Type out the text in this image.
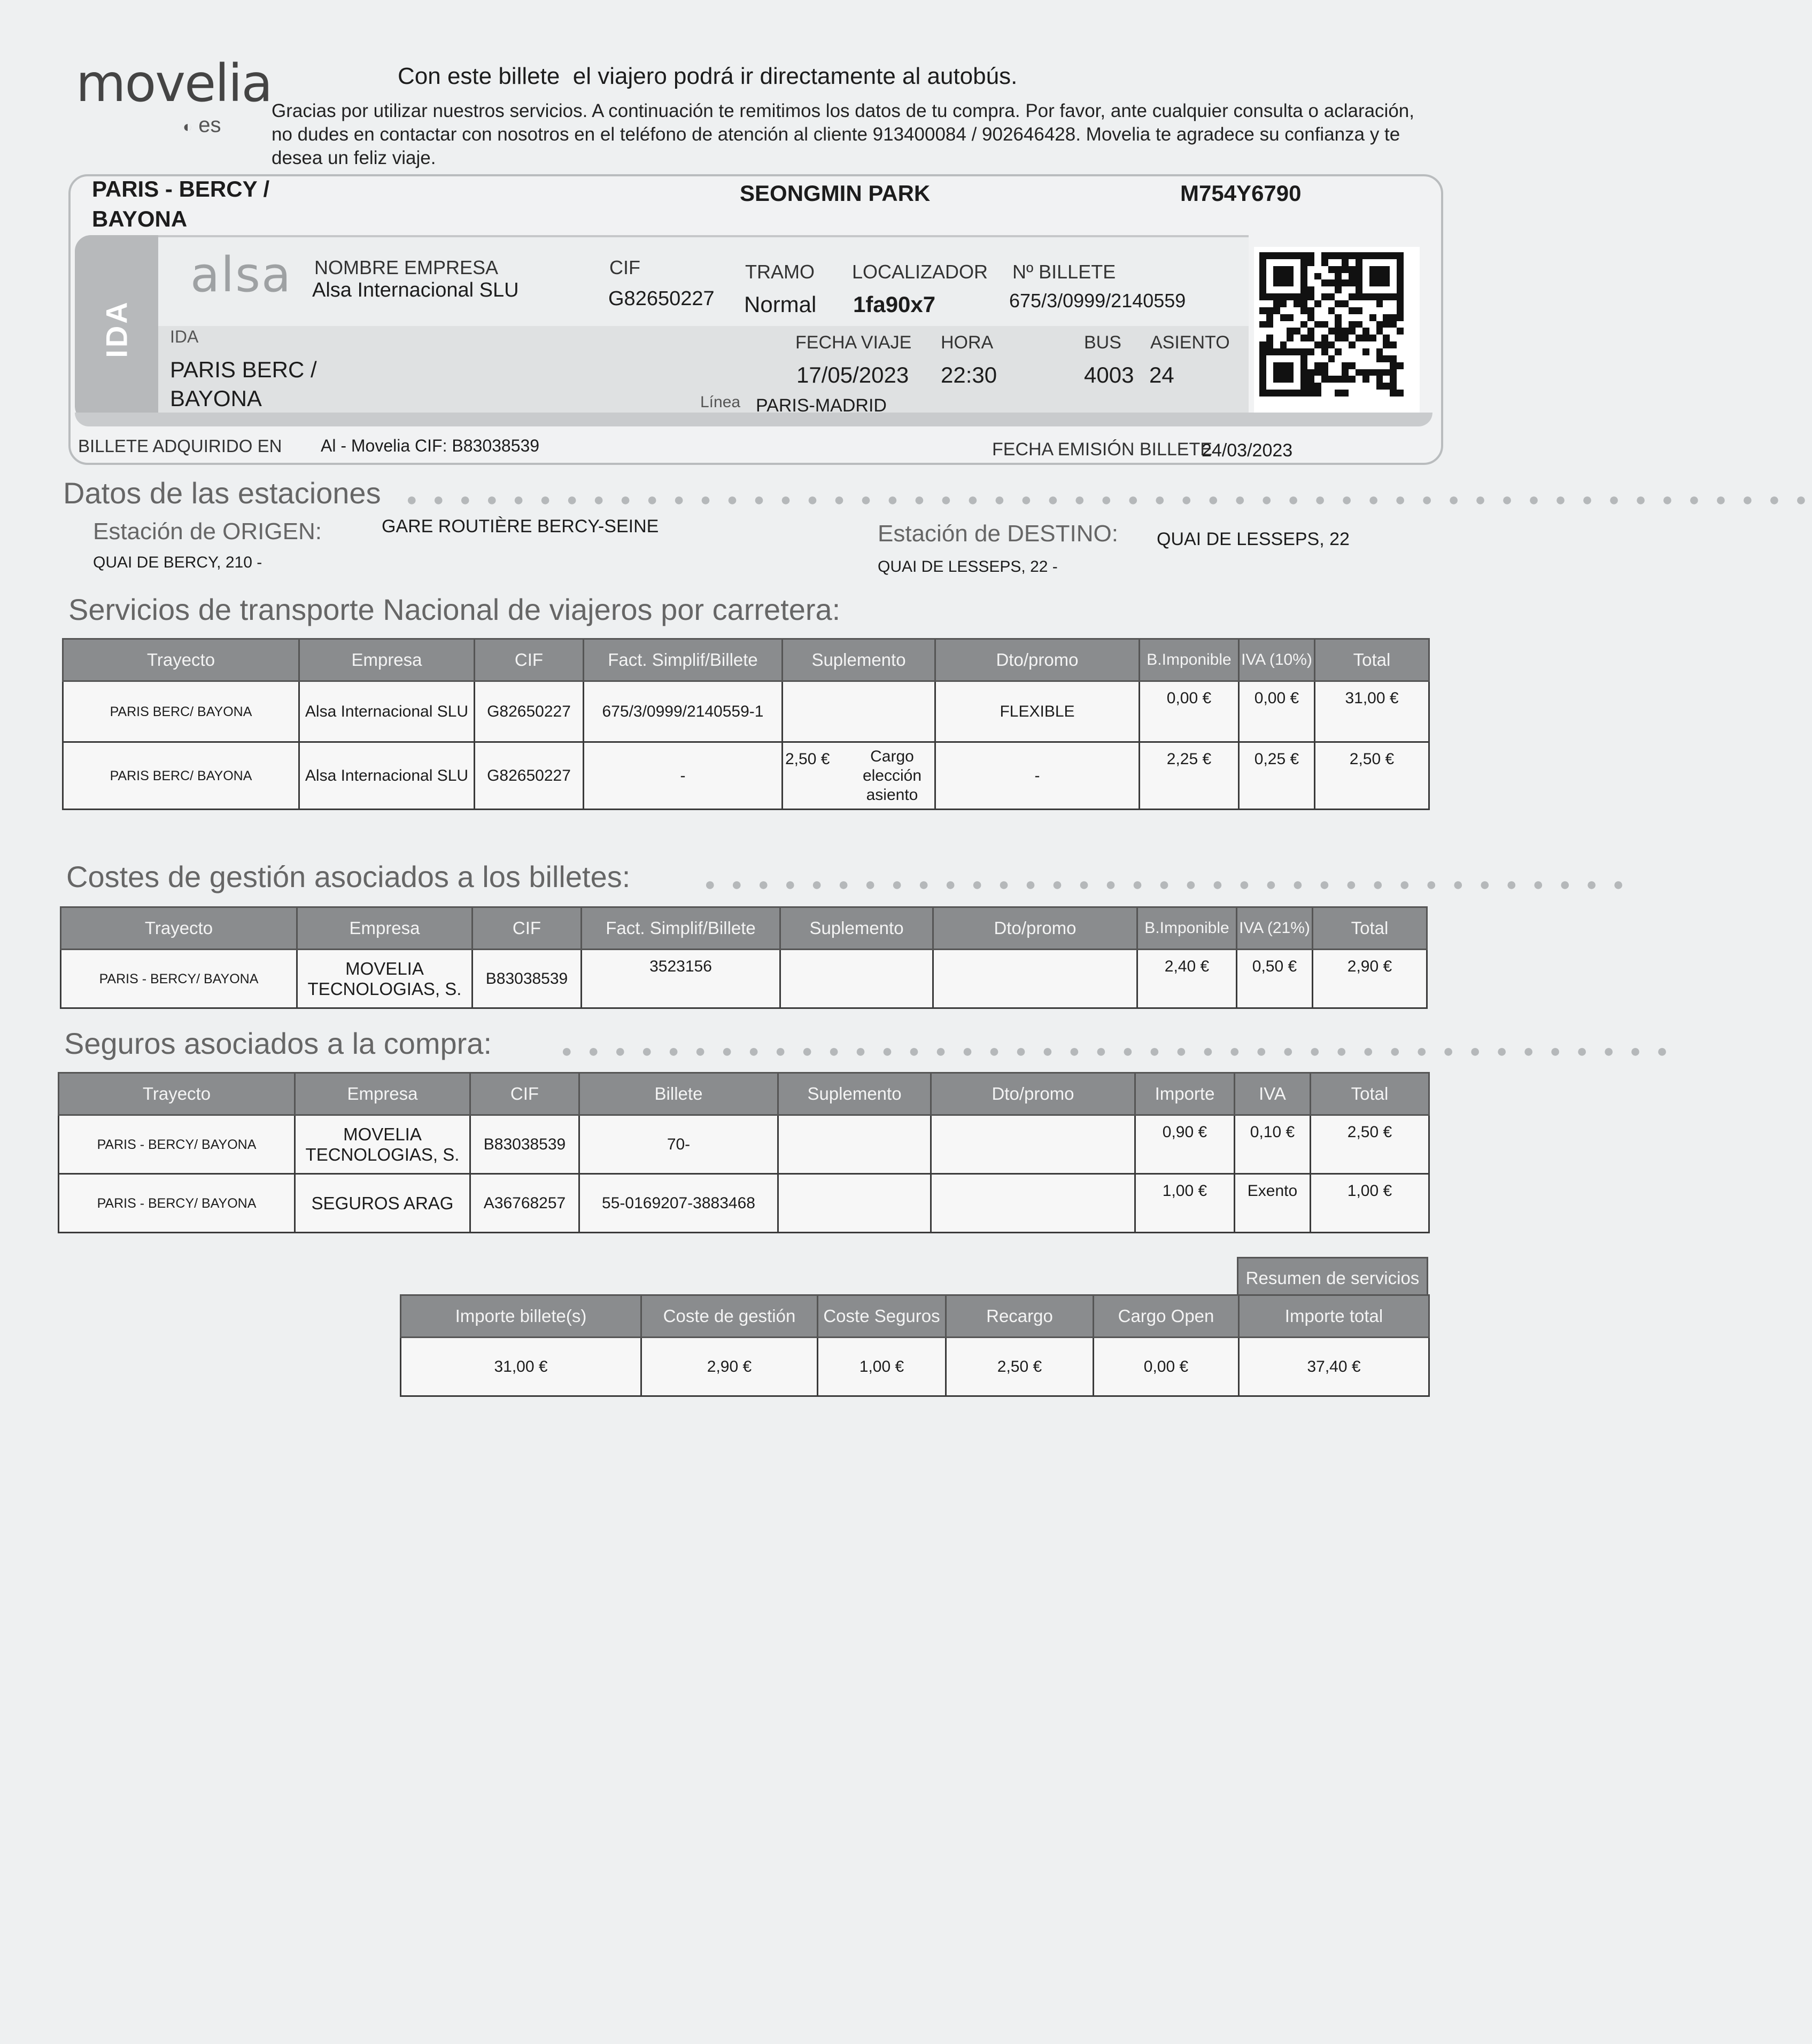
movelia
◐ es
Con este billete  el viajero podrá ir directamente al autobús.
Gracias por utilizar nuestros servicios. A continuación te remitimos los datos de tu compra. Por favor, ante cualquier consulta o aclaración, no dudes en contactar con nosotros en el teléfono de atención al cliente 913400084 / 902646428. Movelia te agradece su confianza y te desea un feliz viaje.
PARIS - BERCY /
BAYONA
SEONGMIN PARK	M754Y6790
IDA
alsa NOMBRE EMPRESA
Alsa Internacional SLU
CIF
G82650227
TRAMO
Normal
LOCALIZADOR
1fa90x7
Nº BILLETE
675/3/0999/2140559
IDA
PARIS BERC /
BAYONA
FECHA VIAJE
17/05/2023
HORA
22:30
BUS
4003
ASIENTO
24
Línea PARIS-MADRID
BILLETE ADQUIRIDO EN Al - Movelia CIF: B83038539	FECHA EMISIÓN BILLETE
24/03/2023
Datos de las estaciones ● ● ● ● ● ● ● ● ● ● ● ● ● ● ● ● ● ● ● ● ● ● ● ● ● ● ● ● ● ● ● ● ● ● ● ● ● ● ● ● ● ● ● ● ● ● ● ● ● ● ● ● ●
Estación de ORIGEN:	GARE ROUTIÈRE BERCY-SEINE
QUAI DE BERCY, 210 -
Estación de DESTINO: QUAI DE LESSEPS, 22
QUAI DE LESSEPS, 22 -
Servicios de transporte Nacional de viajeros por carretera:
Trayecto	Empresa	CIF	Fact. Simplif/Billete	Suplemento	Dto/promo	B.Imponible	IVA (10%)	Total
PARIS BERC/ BAYONA	Alsa Internacional SLU	G82650227	675/3/0999/2140559-1		FLEXIBLE	0,00 €	0,00 €	31,00 €
PARIS BERC/ BAYONA	Alsa Internacional SLU	G82650227	-	2,50 € Cargo elección asiento	-	2,25 €	0,25 €	2,50 €
Costes de gestión asociados a los billetes:	● ● ● ● ● ● ● ● ● ● ● ● ● ● ● ● ● ● ● ● ● ● ● ● ● ● ● ● ● ● ● ● ● ● ●
Trayecto	Empresa	CIF	Fact. Simplif/Billete	Suplemento	Dto/promo	B.Imponible	IVA (21%)	Total
PARIS - BERCY/ BAYONA	MOVELIA TECNOLOGIAS, S.	B83038539	3523156			2,40 €	0,50 €	2,90 €
Seguros asociados a la compra:	● ● ● ● ● ● ● ● ● ● ● ● ● ● ● ● ● ● ● ● ● ● ● ● ● ● ● ● ● ● ● ● ● ● ● ● ● ● ● ● ● ●
Trayecto	Empresa	CIF	Billete	Suplemento	Dto/promo	Importe	IVA	Total
PARIS - BERCY/ BAYONA	MOVELIA TECNOLOGIAS, S.	B83038539	70-			0,90 €	0,10 €	2,50 €
PARIS - BERCY/ BAYONA	SEGUROS ARAG	A36768257	55-0169207-3883468			1,00 €	Exento	1,00 €
Resumen de servicios
Importe billete(s)	Coste de gestión	Coste Seguros	Recargo	Cargo Open	Importe total
31,00 €	2,90 €	1,00 €	2,50 €	0,00 €	37,40 €
